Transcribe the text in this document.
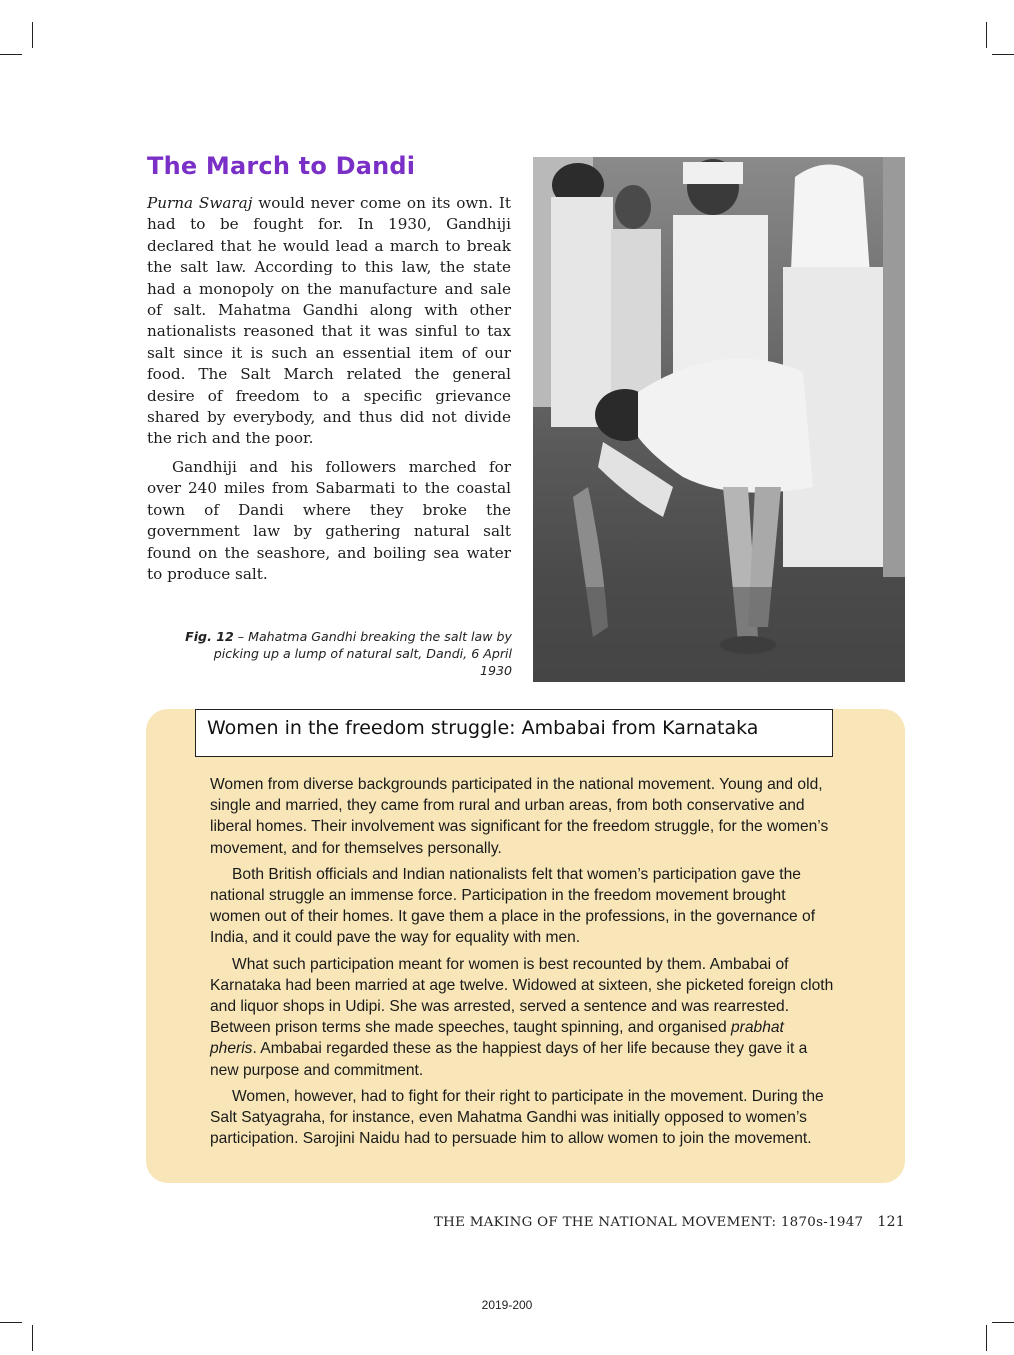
The March to Dandi

Purna Swaraj would never come on its own. It had to be fought for. In 1930, Gandhiji declared that he would lead a march to break the salt law. According to this law, the state had a monopoly on the manufacture and sale of salt. Mahatma Gandhi along with other nationalists reasoned that it was sinful to tax salt since it is such an essential item of our food. The Salt March related the general desire of freedom to a specific grievance shared by everybody, and thus did not divide the rich and the poor.

Gandhiji and his followers marched for over 240 miles from Sabarmati to the coastal town of Dandi where they broke the government law by gathering natural salt found on the seashore, and boiling sea water to produce salt.

Fig. 12 – Mahatma Gandhi breaking the salt law by picking up a lump of natural salt, Dandi, 6 April 1930
Women in the freedom struggle: Ambabai from Karnataka

Women from diverse backgrounds participated in the national movement. Young and old, single and married, they came from rural and urban areas, from both conservative and liberal homes. Their involvement was significant for the freedom struggle, for the women’s movement, and for themselves personally.

Both British officials and Indian nationalists felt that women’s participation gave the national struggle an immense force. Participation in the freedom movement brought women out of their homes. It gave them a place in the professions, in the governance of India, and it could pave the way for equality with men.

What such participation meant for women is best recounted by them. Ambabai of Karnataka had been married at age twelve. Widowed at sixteen, she picketed foreign cloth and liquor shops in Udipi. She was arrested, served a sentence and was rearrested. Between prison terms she made speeches, taught spinning, and organised prabhat pheris. Ambabai regarded these as the happiest days of her life because they gave it a new purpose and commitment.

Women, however, had to fight for their right to participate in the movement. During the Salt Satyagraha, for instance, even Mahatma Gandhi was initially opposed to women’s participation. Sarojini Naidu had to persuade him to allow women to join the movement.

THE MAKING OF THE NATIONAL MOVEMENT: 1870s-1947 121
2019-200
